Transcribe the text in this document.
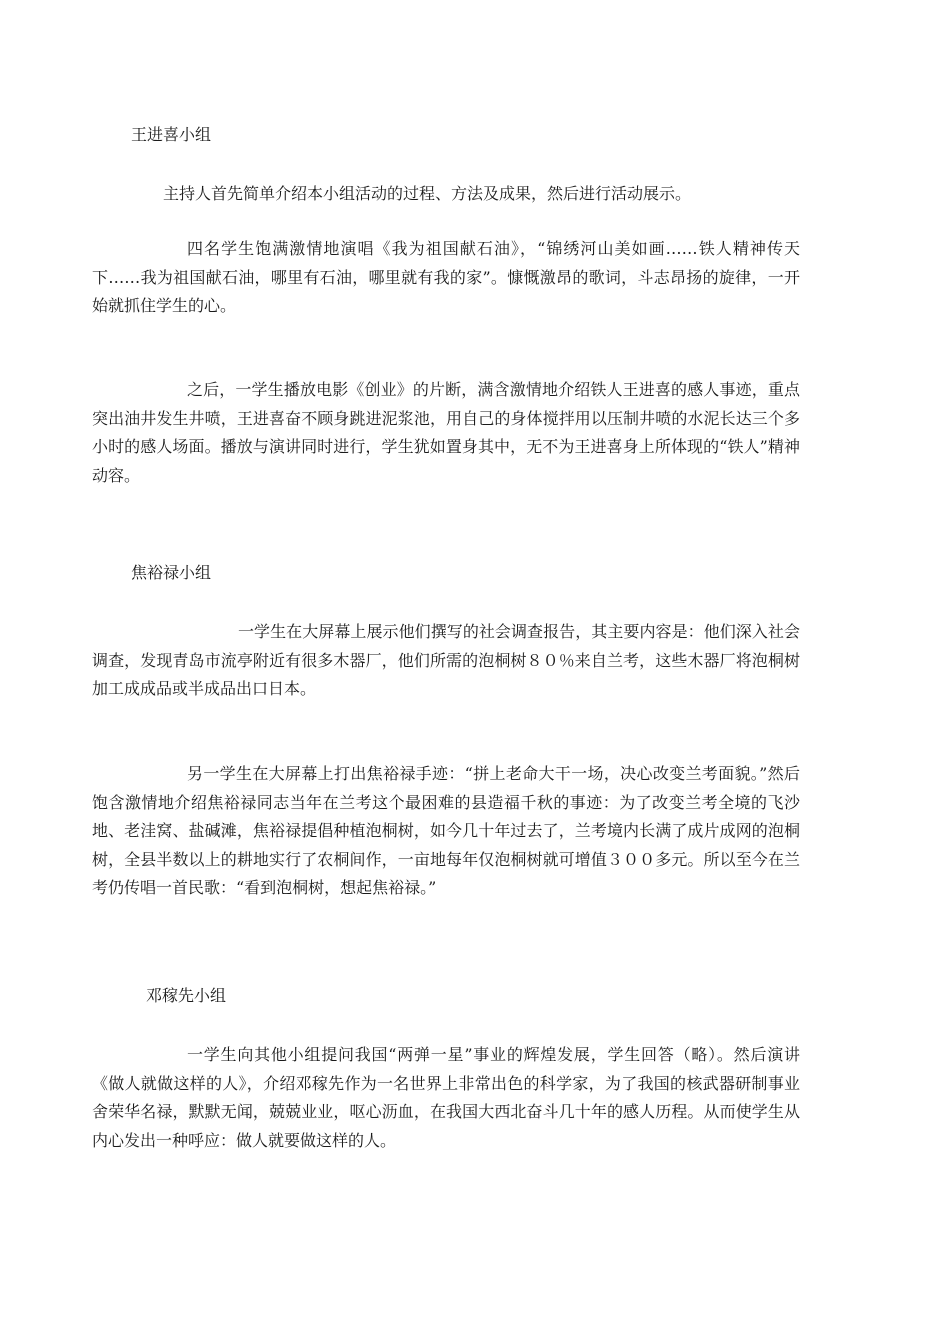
王进喜小组

主持人首先简单介绍本小组活动的过程、方法及成果，然后进行活动展示。

四名学生饱满激情地演唱《我为祖国献石油》，“锦绣河山美如画……铁人精神传天下……我为祖国献石油，哪里有石油，哪里就有我的家”。慷慨激昂的歌词，斗志昂扬的旋律，一开始就抓住学生的心。

之后，一学生播放电影《创业》的片断，满含激情地介绍铁人王进喜的感人事迹，重点突出油井发生井喷，王进喜奋不顾身跳进泥浆池，用自己的身体搅拌用以压制井喷的水泥长达三个多小时的感人场面。播放与演讲同时进行，学生犹如置身其中，无不为王进喜身上所体现的“铁人”精神动容。

焦裕禄小组

一学生在大屏幕上展示他们撰写的社会调查报告，其主要内容是：他们深入社会调查，发现青岛市流亭附近有很多木器厂，他们所需的泡桐树８０％来自兰考，这些木器厂将泡桐树加工成成品或半成品出口日本。

另一学生在大屏幕上打出焦裕禄手迹：“拼上老命大干一场，决心改变兰考面貌。”然后饱含激情地介绍焦裕禄同志当年在兰考这个最困难的县造福千秋的事迹：为了改变兰考全境的飞沙地、老洼窝、盐碱滩，焦裕禄提倡种植泡桐树，如今几十年过去了，兰考境内长满了成片成网的泡桐树，全县半数以上的耕地实行了农桐间作，一亩地每年仅泡桐树就可增值３００多元。所以至今在兰考仍传唱一首民歌：“看到泡桐树，想起焦裕禄。”

邓稼先小组

一学生向其他小组提问我国“两弹一星”事业的辉煌发展，学生回答（略）。然后演讲《做人就做这样的人》，介绍邓稼先作为一名世界上非常出色的科学家，为了我国的核武器研制事业舍荣华名禄，默默无闻，兢兢业业，呕心沥血，在我国大西北奋斗几十年的感人历程。从而使学生从内心发出一种呼应：做人就要做这样的人。
